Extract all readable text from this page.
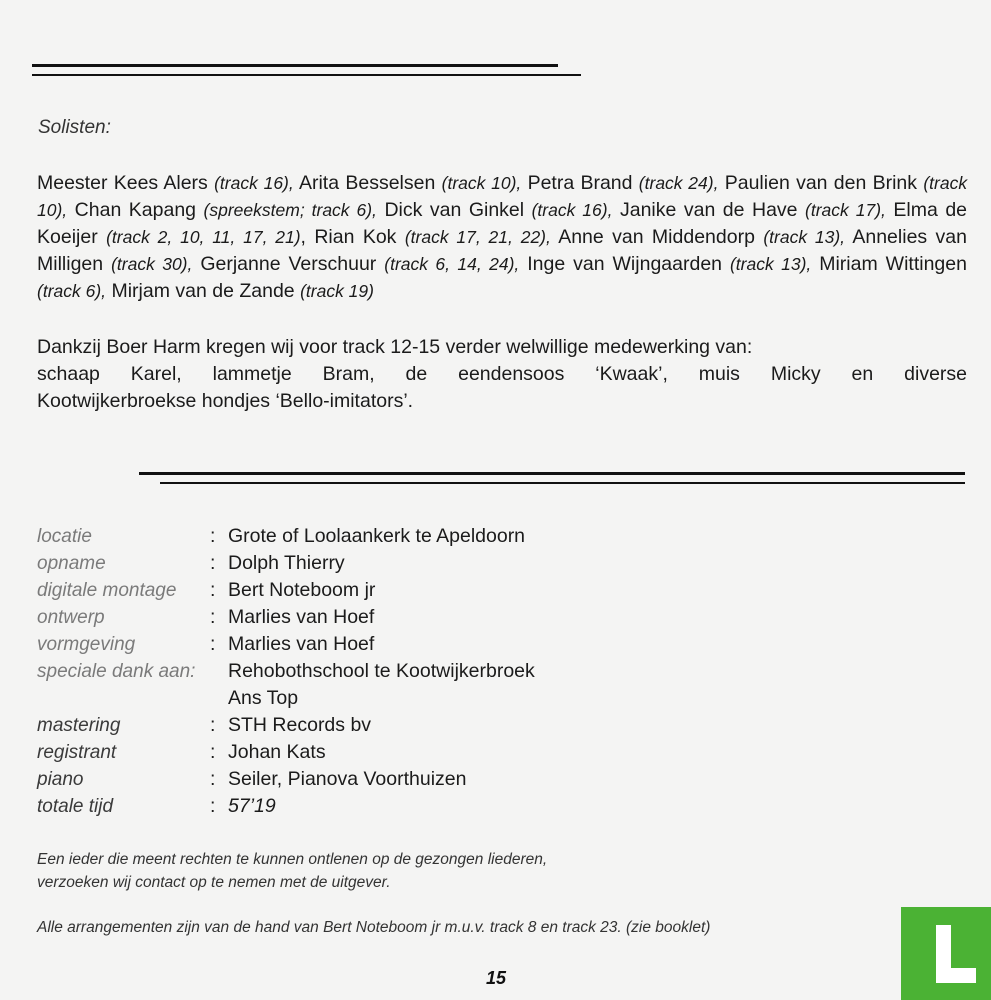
Solisten:
Meester Kees Alers (track 16), Arita Besselsen (track 10), Petra Brand (track 24), Paulien van den Brink (track 10), Chan Kapang (spreekstem; track 6), Dick van Ginkel (track 16), Janike van de Have (track 17), Elma de Koeijer (track 2, 10, 11, 17, 21), Rian Kok (track 17, 21, 22), Anne van Middendorp (track 13), Annelies van Milligen (track 30), Gerjanne Verschuur (track 6, 14, 24), Inge van Wijngaarden (track 13), Miriam Wittingen (track 6), Mirjam van de Zande (track 19)
Dankzij Boer Harm kregen wij voor track 12-15 verder welwillige medewerking van:
schaap Karel, lammetje Bram, de eendensoos ‘Kwaak’, muis Micky en diverse
Kootwijkerbroekse hondjes ‘Bello-imitators’.
locatie	: Grote of Loolaankerk te Apeldoorn
opname	: Dolph Thierry
digitale montage	: Bert Noteboom jr
ontwerp	: Marlies van Hoef
vormgeving	: Marlies van Hoef
speciale dank aan:	Rehobothschool te Kootwijkerbroek
Ans Top
mastering	: STH Records bv
registrant	: Johan Kats
piano	: Seiler, Pianova Voorthuizen
totale tijd	: 57’19
Een ieder die meent rechten te kunnen ontlenen op de gezongen liederen,
verzoeken wij contact op te nemen met de uitgever.
Alle arrangementen zijn van de hand van Bert Noteboom jr m.u.v. track 8 en track 23. (zie booklet)
15
